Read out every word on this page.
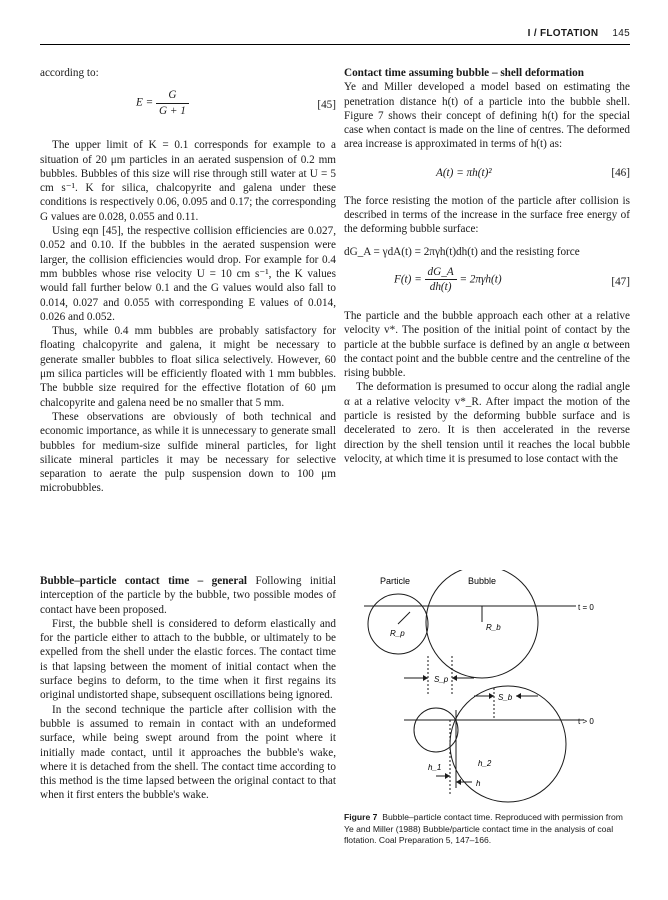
I / FLOTATION 145

according to:

$E = \frac{G}{G + 1}$	[45]

The upper limit of K = 0.1 corresponds for example to a situation of 20 μm particles in an aerated suspension of 0.2 mm bubbles. Bubbles of this size will rise through still water at U = 5 cm s⁻¹. K for silica, chalcopyrite and galena under these conditions is respectively 0.06, 0.095 and 0.17; the corresponding G values are 0.028, 0.055 and 0.11.

Using eqn [45], the respective collision efficiencies are 0.027, 0.052 and 0.10. If the bubbles in the aerated suspension were larger, the collision efficiencies would drop. For example for 0.4 mm bubbles whose rise velocity U = 10 cm s⁻¹, the K values would fall further below 0.1 and the G values would also fall to 0.014, 0.027 and 0.055 with corresponding E values of 0.014, 0.026 and 0.052.

Thus, while 0.4 mm bubbles are probably satisfactory for floating chalcopyrite and galena, it might be necessary to generate smaller bubbles to float silica selectively. However, 60 μm silica particles will be efficiently floated with 1 mm bubbles. The bubble size required for the effective flotation of 60 μm chalcopyrite and galena need be no smaller that 5 mm.

These observations are obviously of both technical and economic importance, as while it is unnecessary to generate small bubbles for medium-size sulfide mineral particles, for light silicate mineral particles it may be necessary for selective separation to aerate the pulp suspension down to 100 μm microbubbles.

Bubble–particle contact time – general Following initial interception of the particle by the bubble, two possible modes of contact have been proposed.

First, the bubble shell is considered to deform elastically and for the particle either to attach to the bubble, or ultimately to be expelled from the shell under the elastic forces. The contact time is that lapsing between the moment of initial contact when the surface begins to deform, to the time when it first regains its original undistorted shape, subsequent oscillations being ignored.

In the second technique the particle after collision with the bubble is assumed to remain in contact with an undeformed surface, while being swept around from the point where it initially made contact, until it approaches the bubble's wake, where it is detached from the shell. The contact time according to this method is the time lapsed between the original contact to that when it first enters the bubble's wake.

Contact time assuming bubble – shell deformation

Ye and Miller developed a model based on estimating the penetration distance h(t) of a particle into the bubble shell. Figure 7 shows their concept of defining h(t) for the special case when contact is made on the line of centres. The deformed area increase is approximated in terms of h(t) as:

A(t) = πh(t)²	[46]

The force resisting the motion of the particle after collision is described in terms of the increase in the surface free energy of the deforming bubble surface:

dG_A = γdA(t) = 2πγh(t)dh(t) and the resisting force

$F(t) = \frac{dG\_A}{dh(t)} = 2\pi\gamma h(t)$	[47]

The particle and the bubble approach each other at a relative velocity v*. The position of the initial point of contact by the particle at the bubble surface is defined by an angle α between the contact point and the bubble centre and the centreline of the rising bubble.

The deformation is presumed to occur along the radial angle α at a relative velocity v*_R. After impact the motion of the particle is resisted by the deforming bubble surface and is decelerated to zero. It is then accelerated in the reverse direction by the shell tension until it reaches the local bubble velocity, at which time it is presumed to lose contact with the

Particle	Bubble
t = 0
t > 0
R_p
R_b
S_p
S_b
h
h_1	h_2
Figure 7 Bubble–particle contact time. Reproduced with permission from Ye and Miller (1988) Bubble/particle contact time in the analysis of coal flotation. Coal Preparation 5, 147–166.
